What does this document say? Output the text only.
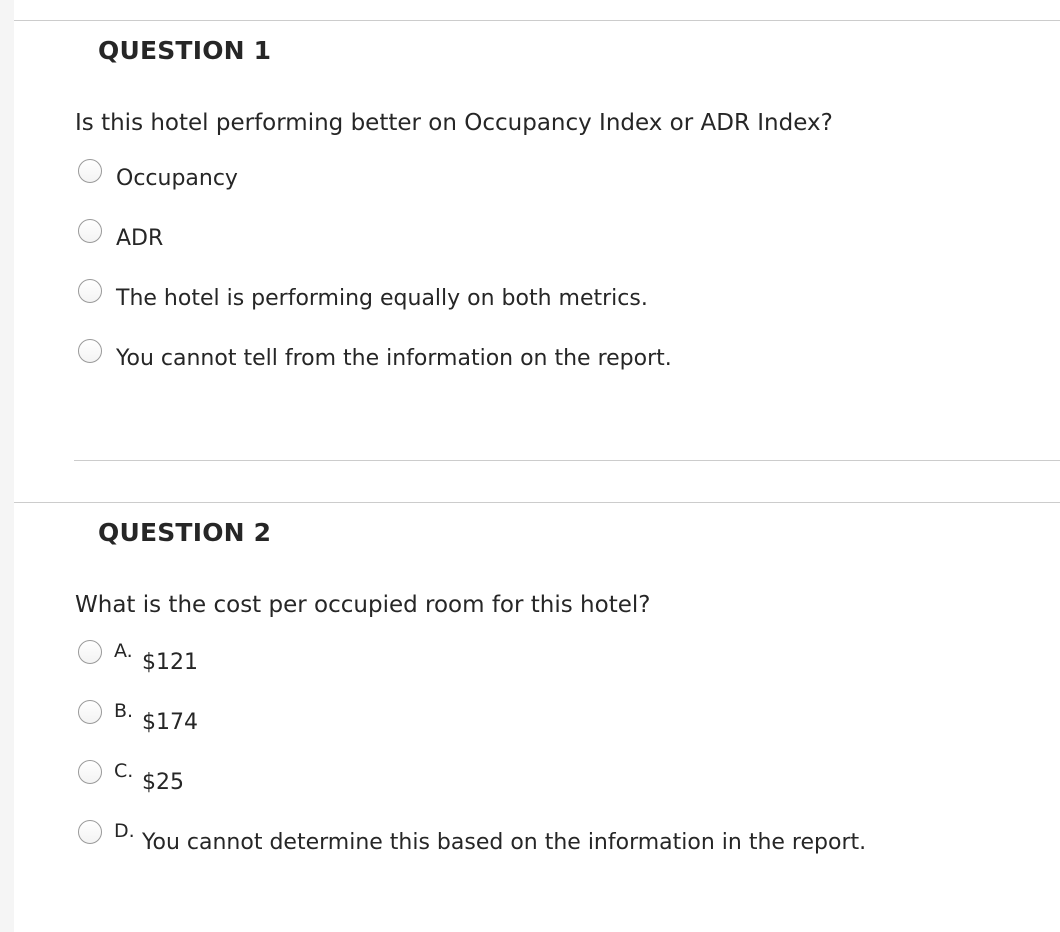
QUESTION 1
Is this hotel performing better on Occupancy Index or ADR Index?
Occupancy
ADR
The hotel is performing equally on both metrics.
You cannot tell from the information on the report.
QUESTION 2
What is the cost per occupied room for this hotel?
A. $121
B. $174
C. $25
D. You cannot determine this based on the information in the report.
